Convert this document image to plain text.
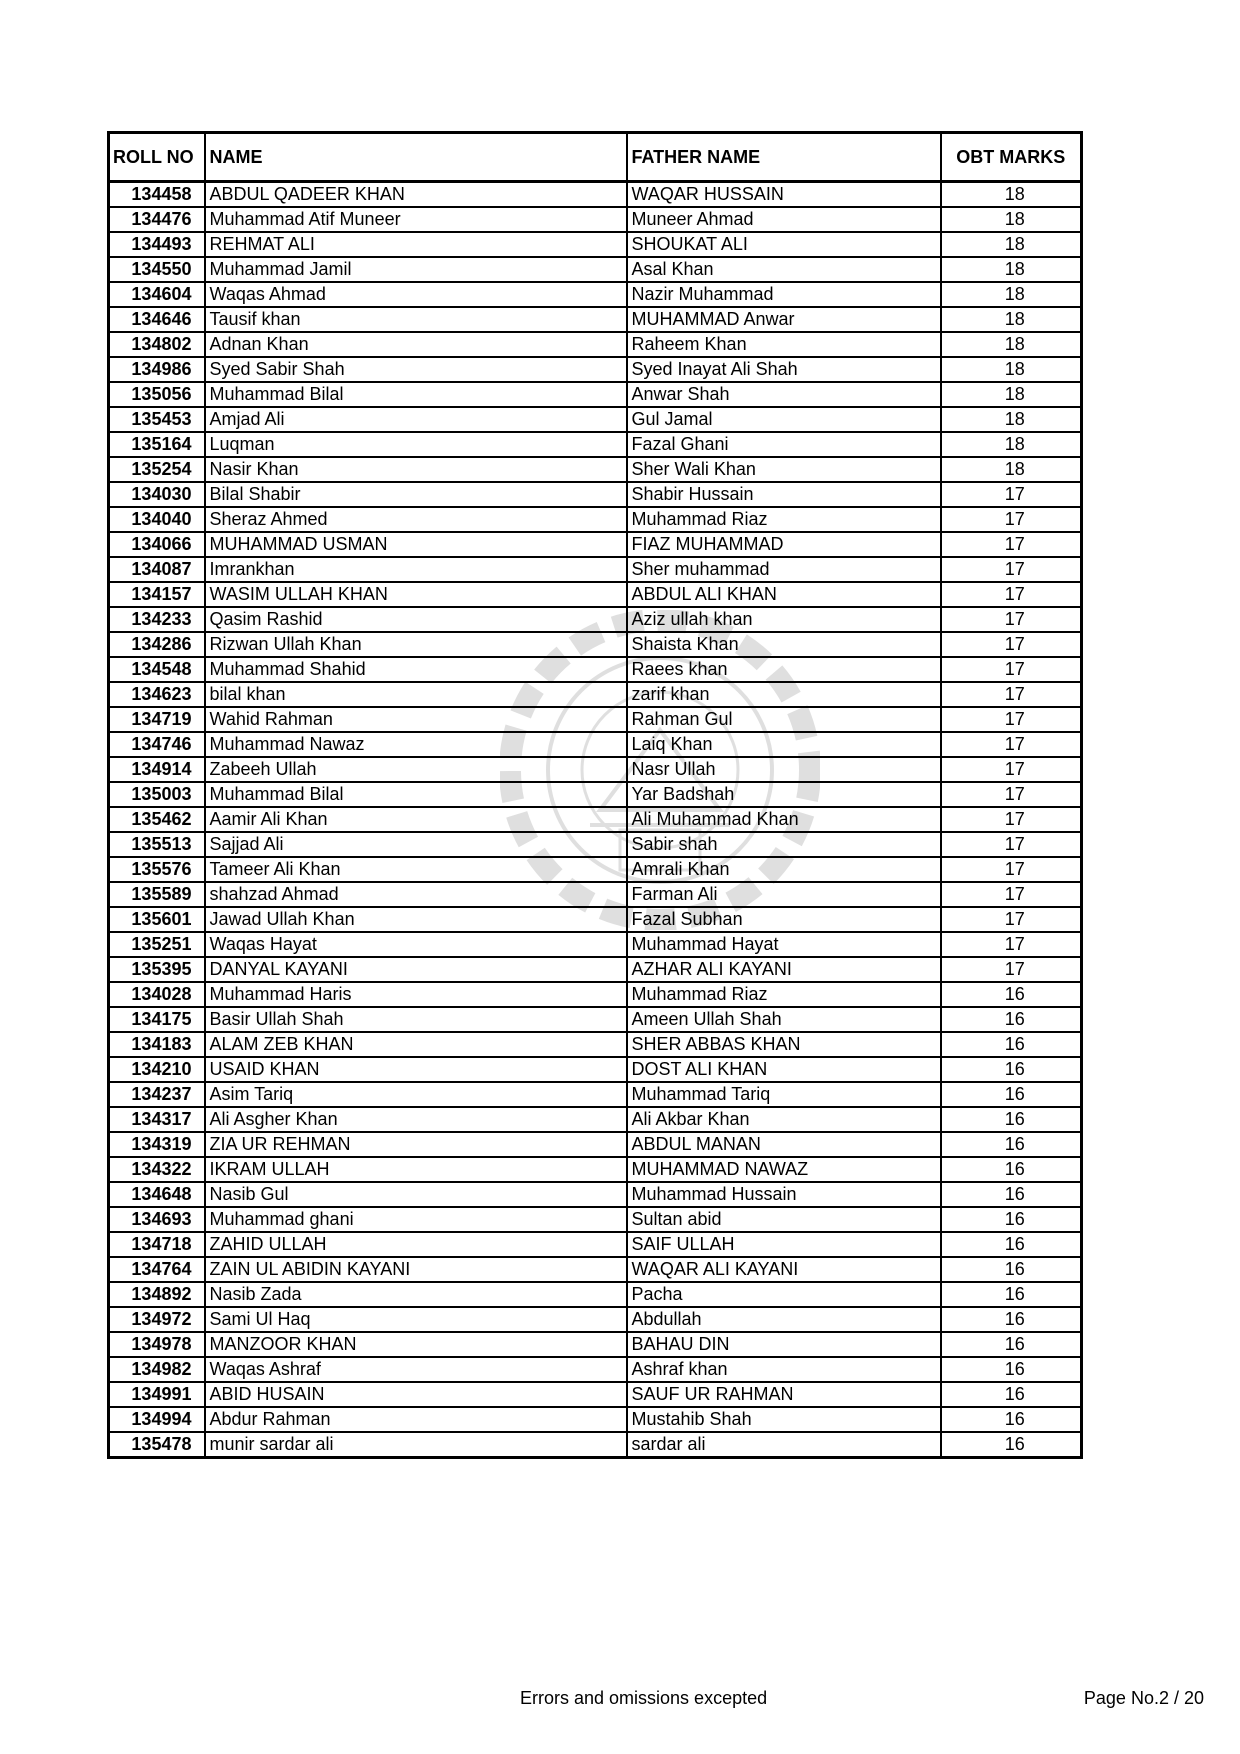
ROLL NO	NAME	FATHER NAME	OBT MARKS
134458	ABDUL QADEER KHAN	WAQAR HUSSAIN	18
134476	Muhammad Atif Muneer	Muneer Ahmad	18
134493	REHMAT ALI	SHOUKAT ALI	18
134550	Muhammad Jamil	Asal Khan	18
134604	Waqas Ahmad	Nazir Muhammad	18
134646	Tausif khan	MUHAMMAD Anwar	18
134802	Adnan Khan	Raheem Khan	18
134986	Syed Sabir Shah	Syed Inayat Ali Shah	18
135056	Muhammad Bilal	Anwar Shah	18
135453	Amjad Ali	Gul Jamal	18
135164	Luqman	Fazal Ghani	18
135254	Nasir Khan	Sher Wali Khan	18
134030	Bilal Shabir	Shabir Hussain	17
134040	Sheraz Ahmed	Muhammad Riaz	17
134066	MUHAMMAD USMAN	FIAZ MUHAMMAD	17
134087	Imrankhan	Sher muhammad	17
134157	WASIM ULLAH KHAN	ABDUL ALI KHAN	17
134233	Qasim Rashid	Aziz ullah khan	17
134286	Rizwan Ullah Khan	Shaista Khan	17
134548	Muhammad Shahid	Raees khan	17
134623	bilal khan	zarif khan	17
134719	Wahid Rahman	Rahman Gul	17
134746	Muhammad Nawaz	Laiq Khan	17
134914	Zabeeh Ullah	Nasr Ullah	17
135003	Muhammad Bilal	Yar Badshah	17
135462	Aamir Ali Khan	Ali Muhammad Khan	17
135513	Sajjad Ali	Sabir shah	17
135576	Tameer Ali Khan	Amrali Khan	17
135589	shahzad Ahmad	Farman Ali	17
135601	Jawad Ullah Khan	Fazal Subhan	17
135251	Waqas Hayat	Muhammad Hayat	17
135395	DANYAL KAYANI	AZHAR ALI KAYANI	17
134028	Muhammad Haris	Muhammad Riaz	16
134175	Basir Ullah Shah	Ameen Ullah Shah	16
134183	ALAM ZEB KHAN	SHER ABBAS KHAN	16
134210	USAID KHAN	DOST ALI KHAN	16
134237	Asim Tariq	Muhammad Tariq	16
134317	Ali Asgher Khan	Ali Akbar Khan	16
134319	ZIA UR REHMAN	ABDUL MANAN	16
134322	IKRAM ULLAH	MUHAMMAD NAWAZ	16
134648	Nasib Gul	Muhammad Hussain	16
134693	Muhammad ghani	Sultan abid	16
134718	ZAHID ULLAH	SAIF ULLAH	16
134764	ZAIN UL ABIDIN KAYANI	WAQAR ALI KAYANI	16
134892	Nasib Zada	Pacha	16
134972	Sami Ul Haq	Abdullah	16
134978	MANZOOR KHAN	BAHAU DIN	16
134982	Waqas Ashraf	Ashraf khan	16
134991	ABID HUSAIN	SAUF UR RAHMAN	16
134994	Abdur Rahman	Mustahib Shah	16
135478	munir sardar ali	sardar ali	16
Errors and omissions excepted	Page No.2 / 20
